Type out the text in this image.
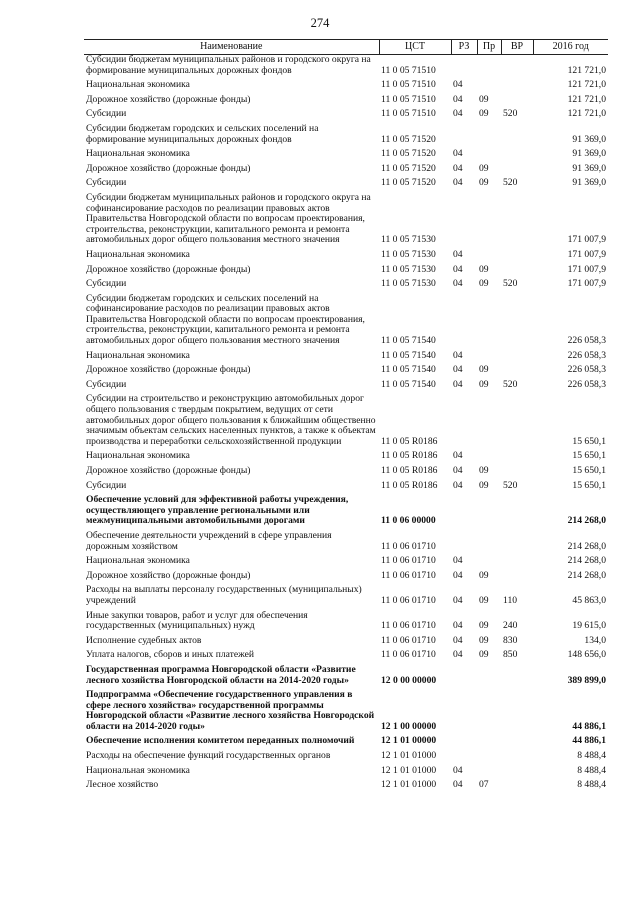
274
Наименование	ЦСТ	РЗ	Пр	ВР	2016 год
Субсидии бюджетам муниципальных районов и городского округа на формирование муниципальных дорожных фондов	11 0 05 71510				121 721,0

Национальная экономика	11 0 05 71510	04			121 721,0

Дорожное хозяйство (дорожные фонды)	11 0 05 71510	04	09		121 721,0

Субсидии	11 0 05 71510	04	09	520	121 721,0

Субсидии бюджетам городских и сельских поселений на формирование муниципальных дорожных фондов	11 0 05 71520				91 369,0

Национальная экономика	11 0 05 71520	04			91 369,0

Дорожное хозяйство (дорожные фонды)	11 0 05 71520	04	09		91 369,0

Субсидии	11 0 05 71520	04	09	520	91 369,0

Субсидии бюджетам муниципальных районов и городского округа на софинансирование расходов по реализации правовых актов Правительства Новгородской области по вопросам проектирования, строительства, реконструкции, капитального ремонта и ремонта автомобильных дорог общего пользования местного значения	11 0 05 71530				171 007,9

Национальная экономика	11 0 05 71530	04			171 007,9

Дорожное хозяйство (дорожные фонды)	11 0 05 71530	04	09		171 007,9

Субсидии	11 0 05 71530	04	09	520	171 007,9

Субсидии бюджетам городских и сельских поселений на софинансирование расходов по реализации правовых актов Правительства Новгородской области по вопросам проектирования, строительства, реконструкции, капитального ремонта и ремонта автомобильных дорог общего пользования местного значения	11 0 05 71540				226 058,3

Национальная экономика	11 0 05 71540	04			226 058,3

Дорожное хозяйство (дорожные фонды)	11 0 05 71540	04	09		226 058,3

Субсидии	11 0 05 71540	04	09	520	226 058,3

Субсидии на строительство и реконструкцию автомобильных дорог общего пользования с твердым покрытием, ведущих от сети автомобильных дорог общего пользования к ближайшим общественно значимым объектам сельских населенных пунктов, а также к объектам производства и переработки сельскохозяйственной продукции	11 0 05 R0186				15 650,1

Национальная экономика	11 0 05 R0186	04			15 650,1

Дорожное хозяйство (дорожные фонды)	11 0 05 R0186	04	09		15 650,1

Субсидии	11 0 05 R0186	04	09	520	15 650,1

Обеспечение условий для эффективной работы учреждения, осуществляющего управление региональными или межмуниципальными автомобильными дорогами	11 0 06 00000				214 268,0

Обеспечение деятельности учреждений в сфере управления дорожным хозяйством	11 0 06 01710				214 268,0

Национальная экономика	11 0 06 01710	04			214 268,0

Дорожное хозяйство (дорожные фонды)	11 0 06 01710	04	09		214 268,0

Расходы на выплаты персоналу государственных (муниципальных) учреждений	11 0 06 01710	04	09	110	45 863,0

Иные закупки товаров, работ и услуг для обеспечения государственных (муниципальных) нужд	11 0 06 01710	04	09	240	19 615,0

Исполнение судебных актов	11 0 06 01710	04	09	830	134,0

Уплата налогов, сборов и иных платежей	11 0 06 01710	04	09	850	148 656,0

Государственная программа Новгородской области «Развитие лесного хозяйства Новгородской области на 2014-2020 годы»	12 0 00 00000				389 899,0

Подпрограмма «Обеспечение государственного управления в сфере лесного хозяйства» государственной программы Новгородской области «Развитие лесного хозяйства Новгородской области на 2014-2020 годы»	12 1 00 00000				44 886,1

Обеспечение исполнения комитетом переданных полномочий	12 1 01 00000				44 886,1

Расходы на обеспечение функций государственных органов	12 1 01 01000				8 488,4

Национальная экономика	12 1 01 01000	04			8 488,4

Лесное хозяйство	12 1 01 01000	04	07		8 488,4
